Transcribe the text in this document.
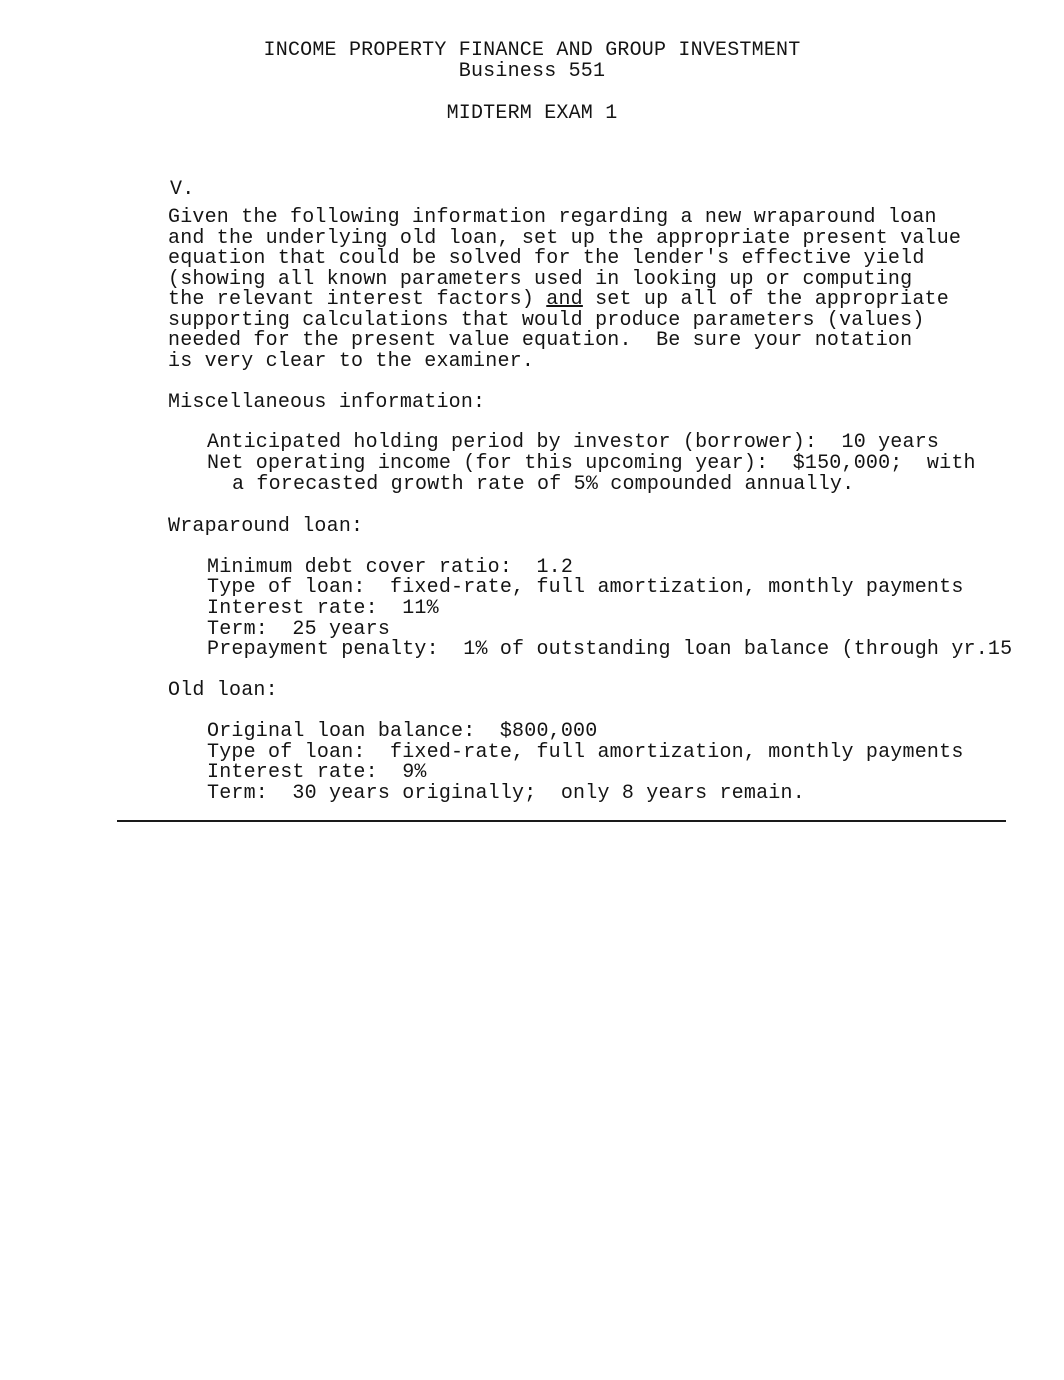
INCOME PROPERTY FINANCE AND GROUP INVESTMENT
Business 551
MIDTERM EXAM 1
V.
Given the following information regarding a new wraparound loan
and the underlying old loan, set up the appropriate present value
equation that could be solved for the lender's effective yield
(showing all known parameters used in looking up or computing
the relevant interest factors) and set up all of the appropriate
supporting calculations that would produce parameters (values)
needed for the present value equation.  Be sure your notation
is very clear to the examiner.
Miscellaneous information:
Anticipated holding period by investor (borrower):  10 years
Net operating income (for this upcoming year):  $150,000;  with
a forecasted growth rate of 5% compounded annually.
Wraparound loan:
Minimum debt cover ratio:  1.2
Type of loan:  fixed-rate, full amortization, monthly payments
Interest rate:  11%
Term:  25 years
Prepayment penalty:  1% of outstanding loan balance (through yr.15
Old loan:
Original loan balance:  $800,000
Type of loan:  fixed-rate, full amortization, monthly payments
Interest rate:  9%
Term:  30 years originally;  only 8 years remain.
